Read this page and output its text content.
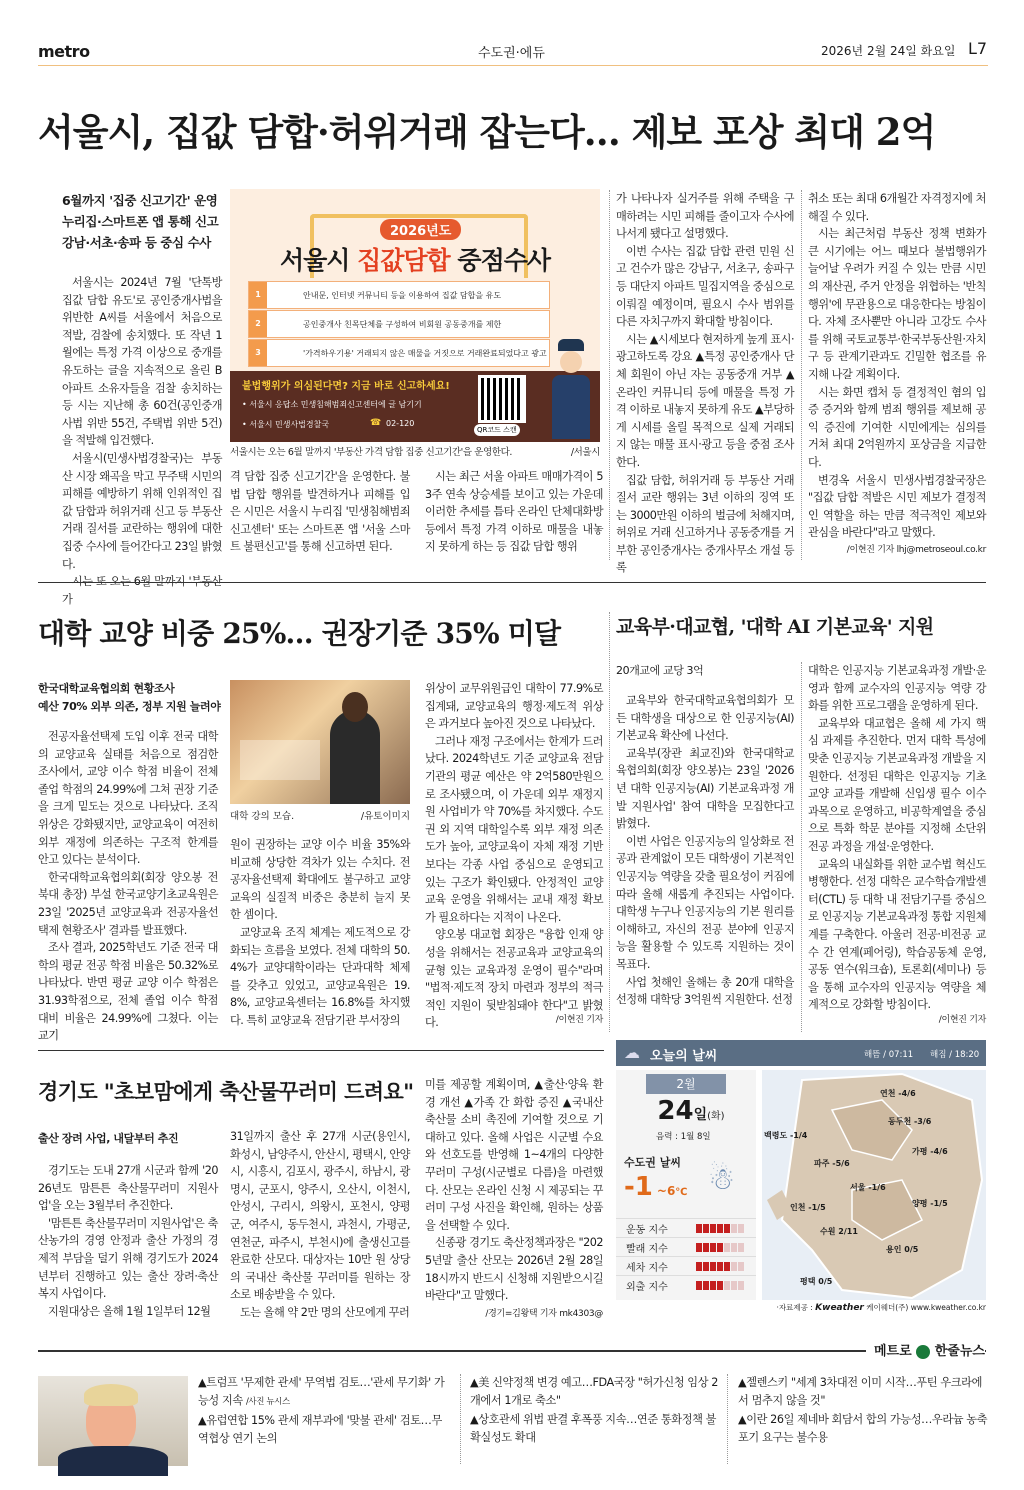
metro	수도권·에듀	2026년 2월 24일 화요일 L7
서울시, 집값 담합·허위거래 잡는다… 제보 포상 최대 2억
6월까지 '집중 신고기간' 운영
누리집·스마트폰 앱 통해 신고
강남·서초·송파 등 중심 수사

서울시는 2024년 7월 '단톡방 집값 담합 유도'로 공인중개사법을 위반한 A씨를 서울에서 처음으로 적발, 검찰에 송치했다. 또 작년 1월에는 특정 가격 이상으로 중개를 유도하는 글을 지속적으로 올린 B아파트 소유자들을 검찰 송치하는 등 시는 지난해 총 60건(공인중개사법 위반 55건, 주택법 위반 5건)을 적발해 입건했다.

서울시(민생사법경찰국)는 부동산 시장 왜곡을 막고 무주택 시민의 피해를 예방하기 위해 인위적인 집값 담합과 허위거래 신고 등 부동산 거래 질서를 교란하는 행위에 대한 집중 수사에 들어간다고 23일 밝혔다.

시는 또 오는 6월 말까지 '부동산 가

2026년도
서울시 집값담합 중점수사
1	안내문, 인터넷 커뮤니티 등을 이용하여 집값 담합을 유도
2	공인중개사 친목단체를 구성하여 비회원 공동중개를 제한
3	'가격하우기용' 거래되지 않은 매물을 거짓으로 거래완료되었다고 광고
불법행위가 의심된다면? 지금 바로 신고하세요!
• 서울시 응답소 민생침해범죄신고센터에 글 남기기
• 서울시 민생사법경찰국	☎ 02-120
QR코드 스캔
서울시는 오는 6월 말까지 '부동산 가격 담합 집중 신고기간'을 운영한다.	/서울시

격 담합 집중 신고기간'을 운영한다. 불법 담합 행위를 발견하거나 피해를 입은 시민은 서울시 누리집 '민생침해범죄신고센터' 또는 스마트폰 앱 '서울 스마트 불편신고'를 통해 신고하면 된다.

시는 최근 서울 아파트 매매가격이 53주 연속 상승세를 보이고 있는 가운데 이러한 추세를 틈타 온라인 단체대화방 등에서 특정 가격 이하로 매물을 내놓지 못하게 하는 등 집값 담합 행위

가 나타나자 실거주를 위해 주택을 구매하려는 시민 피해를 줄이고자 수사에 나서게 됐다고 설명했다.

이번 수사는 집값 담합 관련 민원 신고 건수가 많은 강남구, 서초구, 송파구 등 대단지 아파트 밀집지역을 중심으로 이뤄질 예정이며, 필요시 수사 범위를 다른 자치구까지 확대할 방침이다.

시는 ▲시세보다 현저하게 높게 표시·광고하도록 강요 ▲특정 공인중개사 단체 회원이 아닌 자는 공동중개 거부 ▲온라인 커뮤니티 등에 매물을 특정 가격 이하로 내놓지 못하게 유도 ▲부당하게 시세를 올릴 목적으로 실제 거래되지 않는 매물 표시·광고 등을 중점 조사한다.

집값 담합, 허위거래 등 부동산 거래 질서 교란 행위는 3년 이하의 징역 또는 3000만원 이하의 벌금에 처해지며, 허위로 거래 신고하거나 공동중개를 거부한 공인중개사는 중개사무소 개설 등록

취소 또는 최대 6개월간 자격정지에 처해질 수 있다.

시는 최근처럼 부동산 정책 변화가 큰 시기에는 어느 때보다 불법행위가 늘어날 우려가 커질 수 있는 만큼 시민의 재산권, 주거 안정을 위협하는 '반칙 행위'에 무관용으로 대응한다는 방침이다. 자체 조사뿐만 아니라 고강도 수사를 위해 국토교통부·한국부동산원·자치구 등 관계기관과도 긴밀한 협조를 유지해 나갈 계획이다.

시는 화면 캡처 등 결정적인 혐의 입증 증거와 함께 범죄 행위를 제보해 공익 증진에 기여한 시민에게는 심의를 거쳐 최대 2억원까지 포상금을 지급한다.

변경옥 서울시 민생사법경찰국장은 "집값 담합 적발은 시민 제보가 결정적인 역할을 하는 만큼 적극적인 제보와 관심을 바란다"라고 말했다.

/이현진 기자 lhj@metroseoul.co.kr
대학 교양 비중 25%… 권장기준 35% 미달
한국대학교육협의회 현황조사
예산 70% 외부 의존, 정부 지원 늘려야

전공자율선택제 도입 이후 전국 대학의 교양교육 실태를 처음으로 점검한 조사에서, 교양 이수 학점 비율이 전체 졸업 학점의 24.99%에 그쳐 권장 기준을 크게 밑도는 것으로 나타났다. 조직 위상은 강화됐지만, 교양교육이 여전히 외부 재정에 의존하는 구조적 한계를 안고 있다는 분석이다.

한국대학교육협의회(회장 양오봉 전북대 총장) 부설 한국교양기초교육원은 23일 '2025년 교양교육과 전공자율선택제 현황조사' 결과를 발표했다.

조사 결과, 2025학년도 기준 전국 대학의 평균 전공 학점 비율은 50.32%로 나타났다. 반면 평균 교양 이수 학점은 31.93학점으로, 전체 졸업 이수 학점 대비 비율은 24.99%에 그쳤다. 이는 교기

대학 강의 모습.	/유토이미지

원이 권장하는 교양 이수 비율 35%와 비교해 상당한 격차가 있는 수치다. 전공자율선택제 확대에도 불구하고 교양교육의 실질적 비중은 충분히 늘지 못한 셈이다.

교양교육 조직 체계는 제도적으로 강화되는 흐름을 보였다. 전체 대학의 50.4%가 교양대학이라는 단과대학 체제를 갖추고 있었고, 교양교육원은 19.8%, 교양교육센터는 16.8%를 차지했다. 특히 교양교육 전담기관 부서장의

위상이 교무위원급인 대학이 77.9%로 집계돼, 교양교육의 행정·제도적 위상은 과거보다 높아진 것으로 나타났다.

그러나 재정 구조에서는 한계가 드러났다. 2024학년도 기준 교양교육 전담기관의 평균 예산은 약 2억580만원으로 조사됐으며, 이 가운데 외부 재정지원 사업비가 약 70%를 차지했다. 수도권 외 지역 대학일수록 외부 재정 의존도가 높아, 교양교육이 자체 재정 기반보다는 각종 사업 중심으로 운영되고 있는 구조가 확인됐다. 안정적인 교양교육 운영을 위해서는 교내 재정 확보가 필요하다는 지적이 나온다.

양오봉 대교협 회장은 "융합 인재 양성을 위해서는 전공교육과 교양교육의 균형 있는 교육과정 운영이 필수"라며 "법적·제도적 장치 마련과 정부의 적극적인 지원이 뒷받침돼야 한다"고 밝혔다.	/이현진 기자
교육부·대교협, '대학 AI 기본교육' 지원
20개교에 교당 3억

교육부와 한국대학교육협의회가 모든 대학생을 대상으로 한 인공지능(AI) 기본교육 확산에 나선다.

교육부(장관 최교진)와 한국대학교육협의회(회장 양오봉)는 23일 '2026년 대학 인공지능(AI) 기본교육과정 개발 지원사업' 참여 대학을 모집한다고 밝혔다.

이번 사업은 인공지능의 일상화로 전공과 관계없이 모든 대학생이 기본적인 인공지능 역량을 갖출 필요성이 커짐에 따라 올해 새롭게 추진되는 사업이다. 대학생 누구나 인공지능의 기본 원리를 이해하고, 자신의 전공 분야에 인공지능을 활용할 수 있도록 지원하는 것이 목표다.

사업 첫해인 올해는 총 20개 대학을 선정해 대학당 3억원씩 지원한다. 선정

대학은 인공지능 기본교육과정 개발·운영과 함께 교수자의 인공지능 역량 강화를 위한 프로그램을 운영하게 된다.

교육부와 대교협은 올해 세 가지 핵심 과제를 추진한다. 먼저 대학 특성에 맞춘 인공지능 기본교육과정 개발을 지원한다. 선정된 대학은 인공지능 기초 교양 교과를 개발해 신입생 필수 이수 과목으로 운영하고, 비공학계열을 중심으로 특화 학문 분야를 지정해 소단위 전공 과정을 개설·운영한다.

교육의 내실화를 위한 교수법 혁신도 병행한다. 선정 대학은 교수학습개발센터(CTL) 등 대학 내 전담기구를 중심으로 인공지능 기본교육과정 통합 지원체계를 구축한다. 아울러 전공·비전공 교수 간 연계(페어링), 학습공동체 운영, 공동 연수(워크숍), 토론회(세미나) 등을 통해 교수자의 인공지능 역량을 체계적으로 강화할 방침이다.

/이현진 기자
경기도 "초보맘에게 축산물꾸러미 드려요"
출산 장려 사업, 내달부터 추진

경기도는 도내 27개 시군과 함께 '2026년도 맘튼튼 축산물꾸러미 지원사업'을 오는 3월부터 추진한다.

'맘튼튼 축산물꾸러미 지원사업'은 축산농가의 경영 안정과 출산 가정의 경제적 부담을 덜기 위해 경기도가 2024년부터 진행하고 있는 출산 장려·축산복지 사업이다.

지원대상은 올해 1월 1일부터 12월

31일까지 출산 후 27개 시군(용인시, 화성시, 남양주시, 안산시, 평택시, 안양시, 시흥시, 김포시, 광주시, 하남시, 광명시, 군포시, 양주시, 오산시, 이천시, 안성시, 구리시, 의왕시, 포천시, 양평군, 여주시, 동두천시, 과천시, 가평군, 연천군, 파주시, 부천시)에 출생신고를 완료한 산모다. 대상자는 10만 원 상당의 국내산 축산물 꾸러미를 원하는 장소로 배송받을 수 있다.

도는 올해 약 2만 명의 산모에게 꾸러

미를 제공할 계획이며, ▲출산·양육 환경 개선 ▲가족 간 화합 증진 ▲국내산 축산물 소비 촉진에 기여할 것으로 기대하고 있다. 올해 사업은 시군별 수요와 선호도를 반영해 1~4개의 다양한 꾸러미 구성(시군별로 다름)을 마련했다. 산모는 온라인 신청 시 제공되는 꾸러미 구성 사진을 확인해, 원하는 상품을 선택할 수 있다.

신종광 경기도 축산정책과장은 "2025년말 출산 산모는 2026년 2월 28일 18시까지 반드시 신청해 지원받으시길 바란다"고 말했다.

/경기=김왕택 기자 mk4303@
☁ 오늘의 날씨	해뜸 / 07:11 해짐 / 18:20
2월
24일(화)
음력 : 1월 8일
수도권 날씨
-1 ~6℃ ☃
운동 지수
빨래 지수
세차 지수
외출 지수
연천 -4/6
동두천 -3/6
백령도 -1/4
가평 -4/6
파주 -5/6
서울 -1/6
양평 -1/5
인천 -1/5
수원 2/11
용인 0/5
평택 0/5
·자료제공 : Kweather 케이웨더(주) www.kweather.co.kr
메트로 한줄뉴스
▲트럼프 '무제한 관세' 무역법 검토…'관세 무기화' 가능성 지속 /사진 뉴시스
▲유럽연합 15% 관세 재부과에 '맞불 관세' 검토…무역협상 연기 논의
▲美 신약정책 변경 예고…FDA국장 "허가신청 임상 2개에서 1개로 축소"
▲상호관세 위법 판결 후폭풍 지속…연준 통화정책 불확실성도 확대
▲젤렌스키 "세계 3차대전 이미 시작…푸틴 우크라에서 멈추지 않을 것"
▲이란 26일 제네바 회담서 합의 가능성…우라늄 농축 포기 요구는 불수용
